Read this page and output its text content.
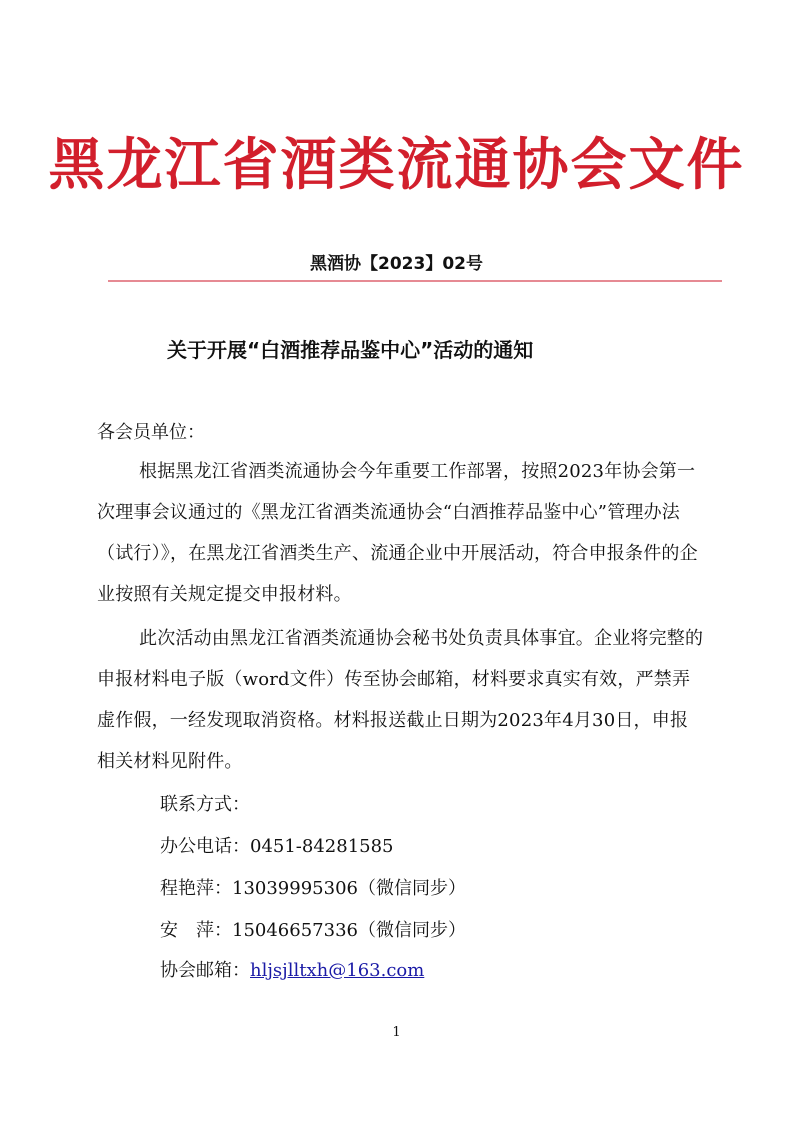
黑龙江省酒类流通协会文件
黑酒协【2023】02号
关于开展“白酒推荐品鉴中心”活动的通知
各会员单位：
根据黑龙江省酒类流通协会今年重要工作部署，按照2023年协会第一次理事会议通过的《黑龙江省酒类流通协会“白酒推荐品鉴中心”管理办法（试行）》，在黑龙江省酒类生产、流通企业中开展活动，符合申报条件的企业按照有关规定提交申报材料。
此次活动由黑龙江省酒类流通协会秘书处负责具体事宜。企业将完整的申报材料电子版（word文件）传至协会邮箱，材料要求真实有效，严禁弄虚作假，一经发现取消资格。材料报送截止日期为2023年4月30日，申报相关材料见附件。
联系方式：
办公电话：0451-84281585
程艳萍：13039995306（微信同步）
安　萍：15046657336（微信同步）
协会邮箱：hljsjlltxh@163.com
1
